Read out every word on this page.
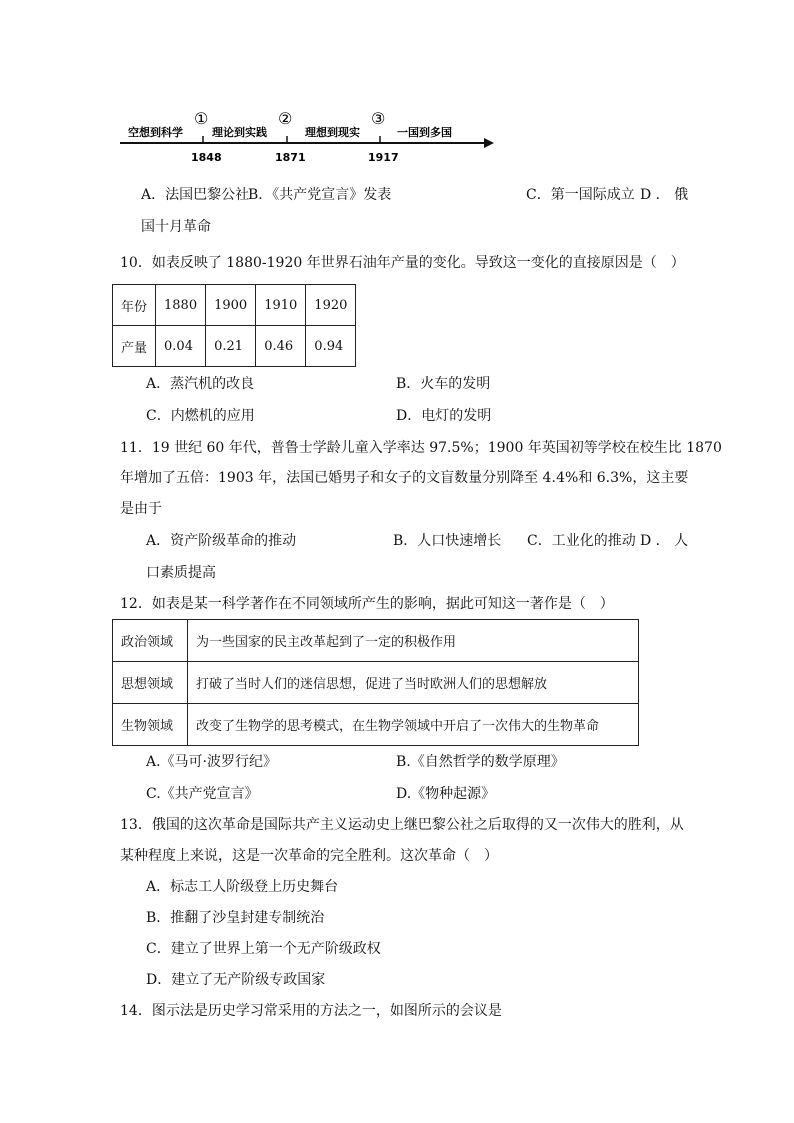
空想到科学	理论到实践	理想到现实	一国到多国
①	②	③
1848	1871	1917
A．法国巴黎公社
B．《共产党宣言》发表	C．第一国际成立 D ． 俄
国十月革命
10．如表反映了 1880-1920 年世界石油年产量的变化。导致这一变化的直接原因是（　）
年份	1880	1900	1910	1920
产量	0.04	0.21	0.46	0.94
A．蒸汽机的改良	B．火车的发明
C．内燃机的应用	D．电灯的发明
11．19 世纪 60 年代，普鲁士学龄儿童入学率达 97.5%；1900 年英国初等学校在校生比 1870
年增加了五倍：1903 年，法国已婚男子和女子的文盲数量分别降至 4․4%和 6.3%，这主要
是由于
A．资产阶级革命的推动	B．人口快速增长 C．工业化的推动 D ． 人
口素质提高
12．如表是某一科学著作在不同领域所产生的影响，据此可知这一著作是（　）
政治领域	为一些国家的民主改革起到了一定的积极作用
思想领域	打破了当时人们的迷信思想，促进了当时欧洲人们的思想解放
生物领域	改变了生物学的思考模式，在生物学领域中开启了一次伟大的生物革命
A.《马可·波罗行纪》	B.《自然哲学的数学原理》
C.《共产党宣言》	D.《物种起源》
13．俄国的这次革命是国际共产主义运动史上继巴黎公社之后取得的又一次伟大的胜利，从
某种程度上来说，这是一次革命的完全胜利。这次革命（　）
A．标志工人阶级登上历史舞台
B．推翻了沙皇封建专制统治
C．建立了世界上第一个无产阶级政权
D．建立了无产阶级专政国家
14．图示法是历史学习常采用的方法之一，如图所示的会议是
